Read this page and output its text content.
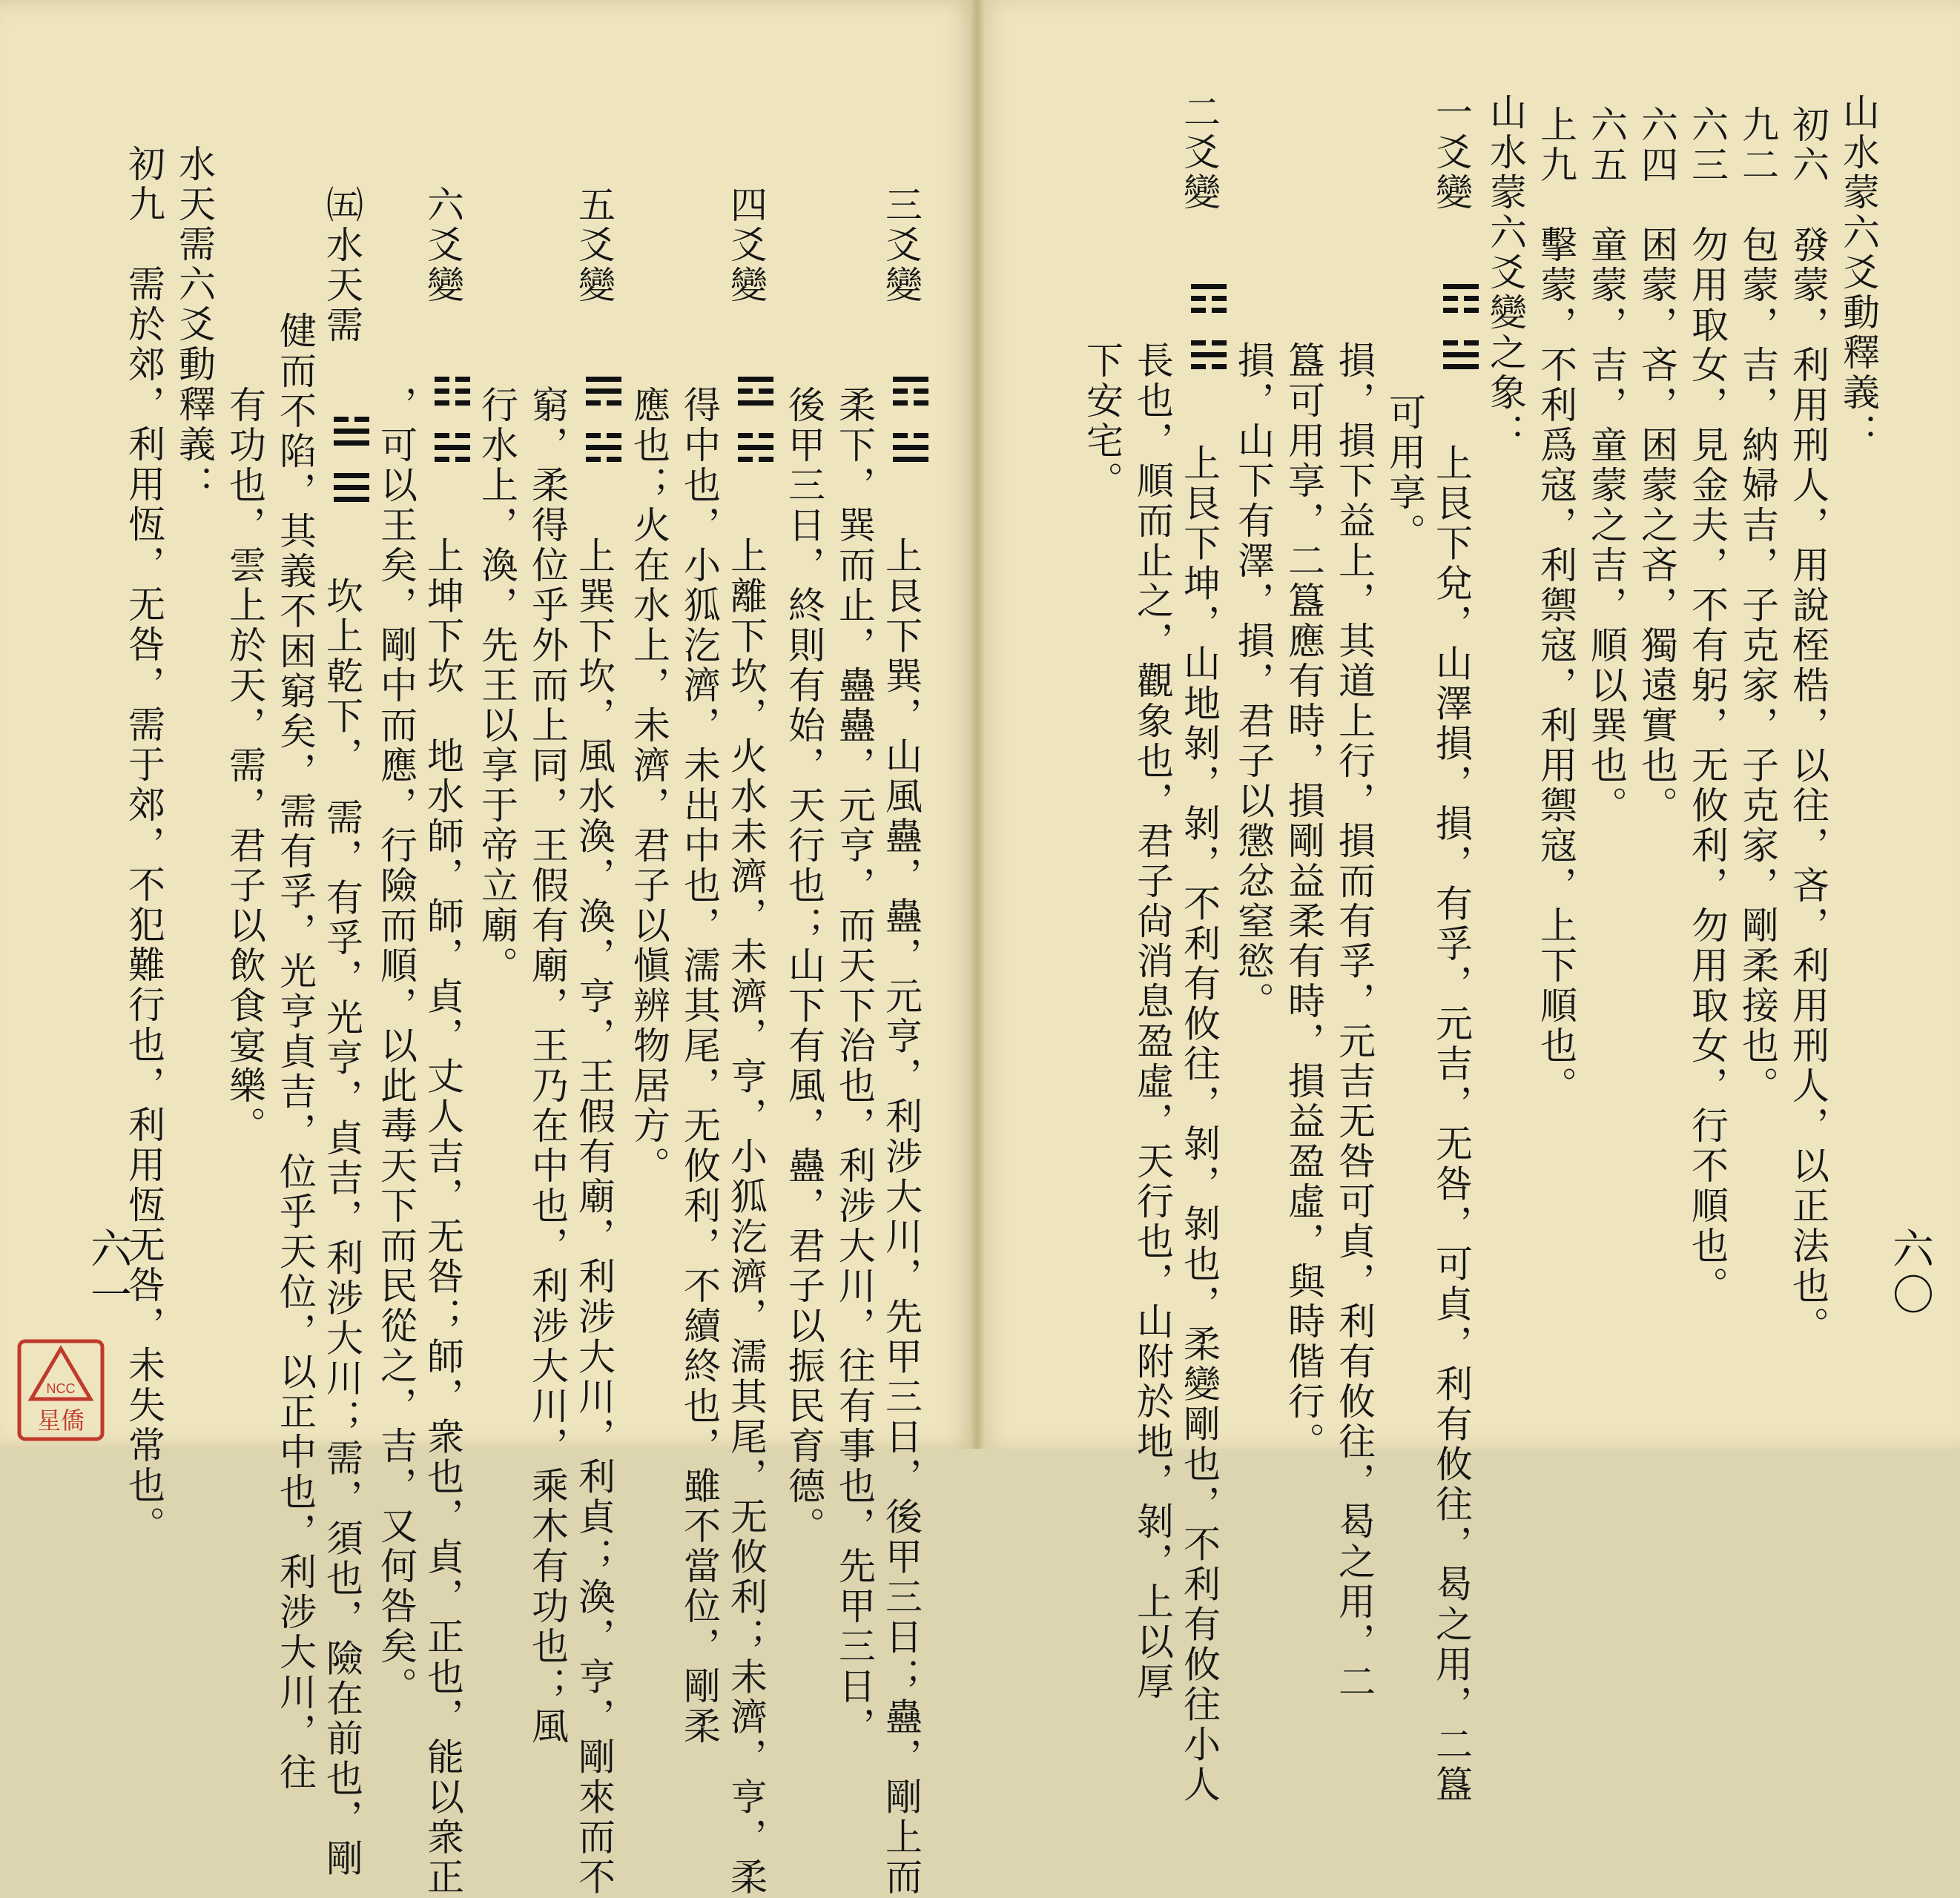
山水蒙六爻動釋義：
初六　發蒙，利用刑人，用說桎梏，以往，吝，利用刑人，以正法也。
九二　包蒙，吉，納婦吉，子克家，子克家，剛柔接也。
六三　勿用取女，見金夫，不有躬，无攸利，勿用取女，行不順也。
六四　困蒙，吝，困蒙之吝，獨遠實也。
六五　童蒙，吉，童蒙之吉，順以巽也。
上九　擊蒙，不利爲寇，利禦寇，利用禦寇，上下順也。
山水蒙六爻變之象：
一爻變

上艮下兌，山澤損，損，有孚，元吉，无咎，可貞，利有攸往，曷之用，二簋
可用享。
損，損下益上，其道上行，損而有孚，元吉无咎可貞，利有攸往，曷之用，二
簋可用享，二簋應有時，損剛益柔有時，損益盈虛，與時偕行。
損，山下有澤，損，君子以懲忿窒慾。
二爻變

上艮下坤，山地剝，剝，不利有攸往，剝，剝也，柔變剛也，不利有攸往小人
長也，順而止之，觀象也，君子尙消息盈虛，天行也，山附於地，剝，上以厚
下安宅。
六〇
三爻變

上艮下巽，山風蠱，蠱，元亨，利涉大川，先甲三日，後甲三日；蠱，剛上而
柔下，巽而止，蠱蠱，元亨，而天下治也，利涉大川，往有事也，先甲三日，
後甲三日，終則有始，天行也；山下有風，蠱，君子以振民育德。
四爻變

上離下坎，火水未濟，未濟，亨，小狐汔濟，濡其尾，无攸利；未濟，亨，柔
得中也，小狐汔濟，未出中也，濡其尾，无攸利，不續終也，雖不當位，剛柔
應也；火在水上，未濟，君子以愼辨物居方。
五爻變

上巽下坎，風水渙，渙，亨，王假有廟，利涉大川，利貞；渙，亨，剛來而不
窮，柔得位乎外而上同，王假有廟，王乃在中也，利涉大川，乘木有功也；風
行水上，渙，先王以享于帝立廟。
六爻變

上坤下坎　地水師，師，貞，丈人吉，无咎；師，衆也，貞，正也，能以衆正
，可以王矣，剛中而應，行險而順，以此毒天下而民從之，吉，又何咎矣。
㈤水天需

坎上乾下，　需，有孚，光亨，貞吉，利涉大川；需，須也，險在前也，剛
健而不陷，其義不困窮矣，需有孚，光亨貞吉，位乎天位，以正中也，利涉大川，往
有功也，雲上於天，需，君子以飲食宴樂。
水天需六爻動釋義：
初九　需於郊，利用恆，无咎，需于郊，不犯難行也，利用恆无咎，未失常也。
六一
NCC
星僑
